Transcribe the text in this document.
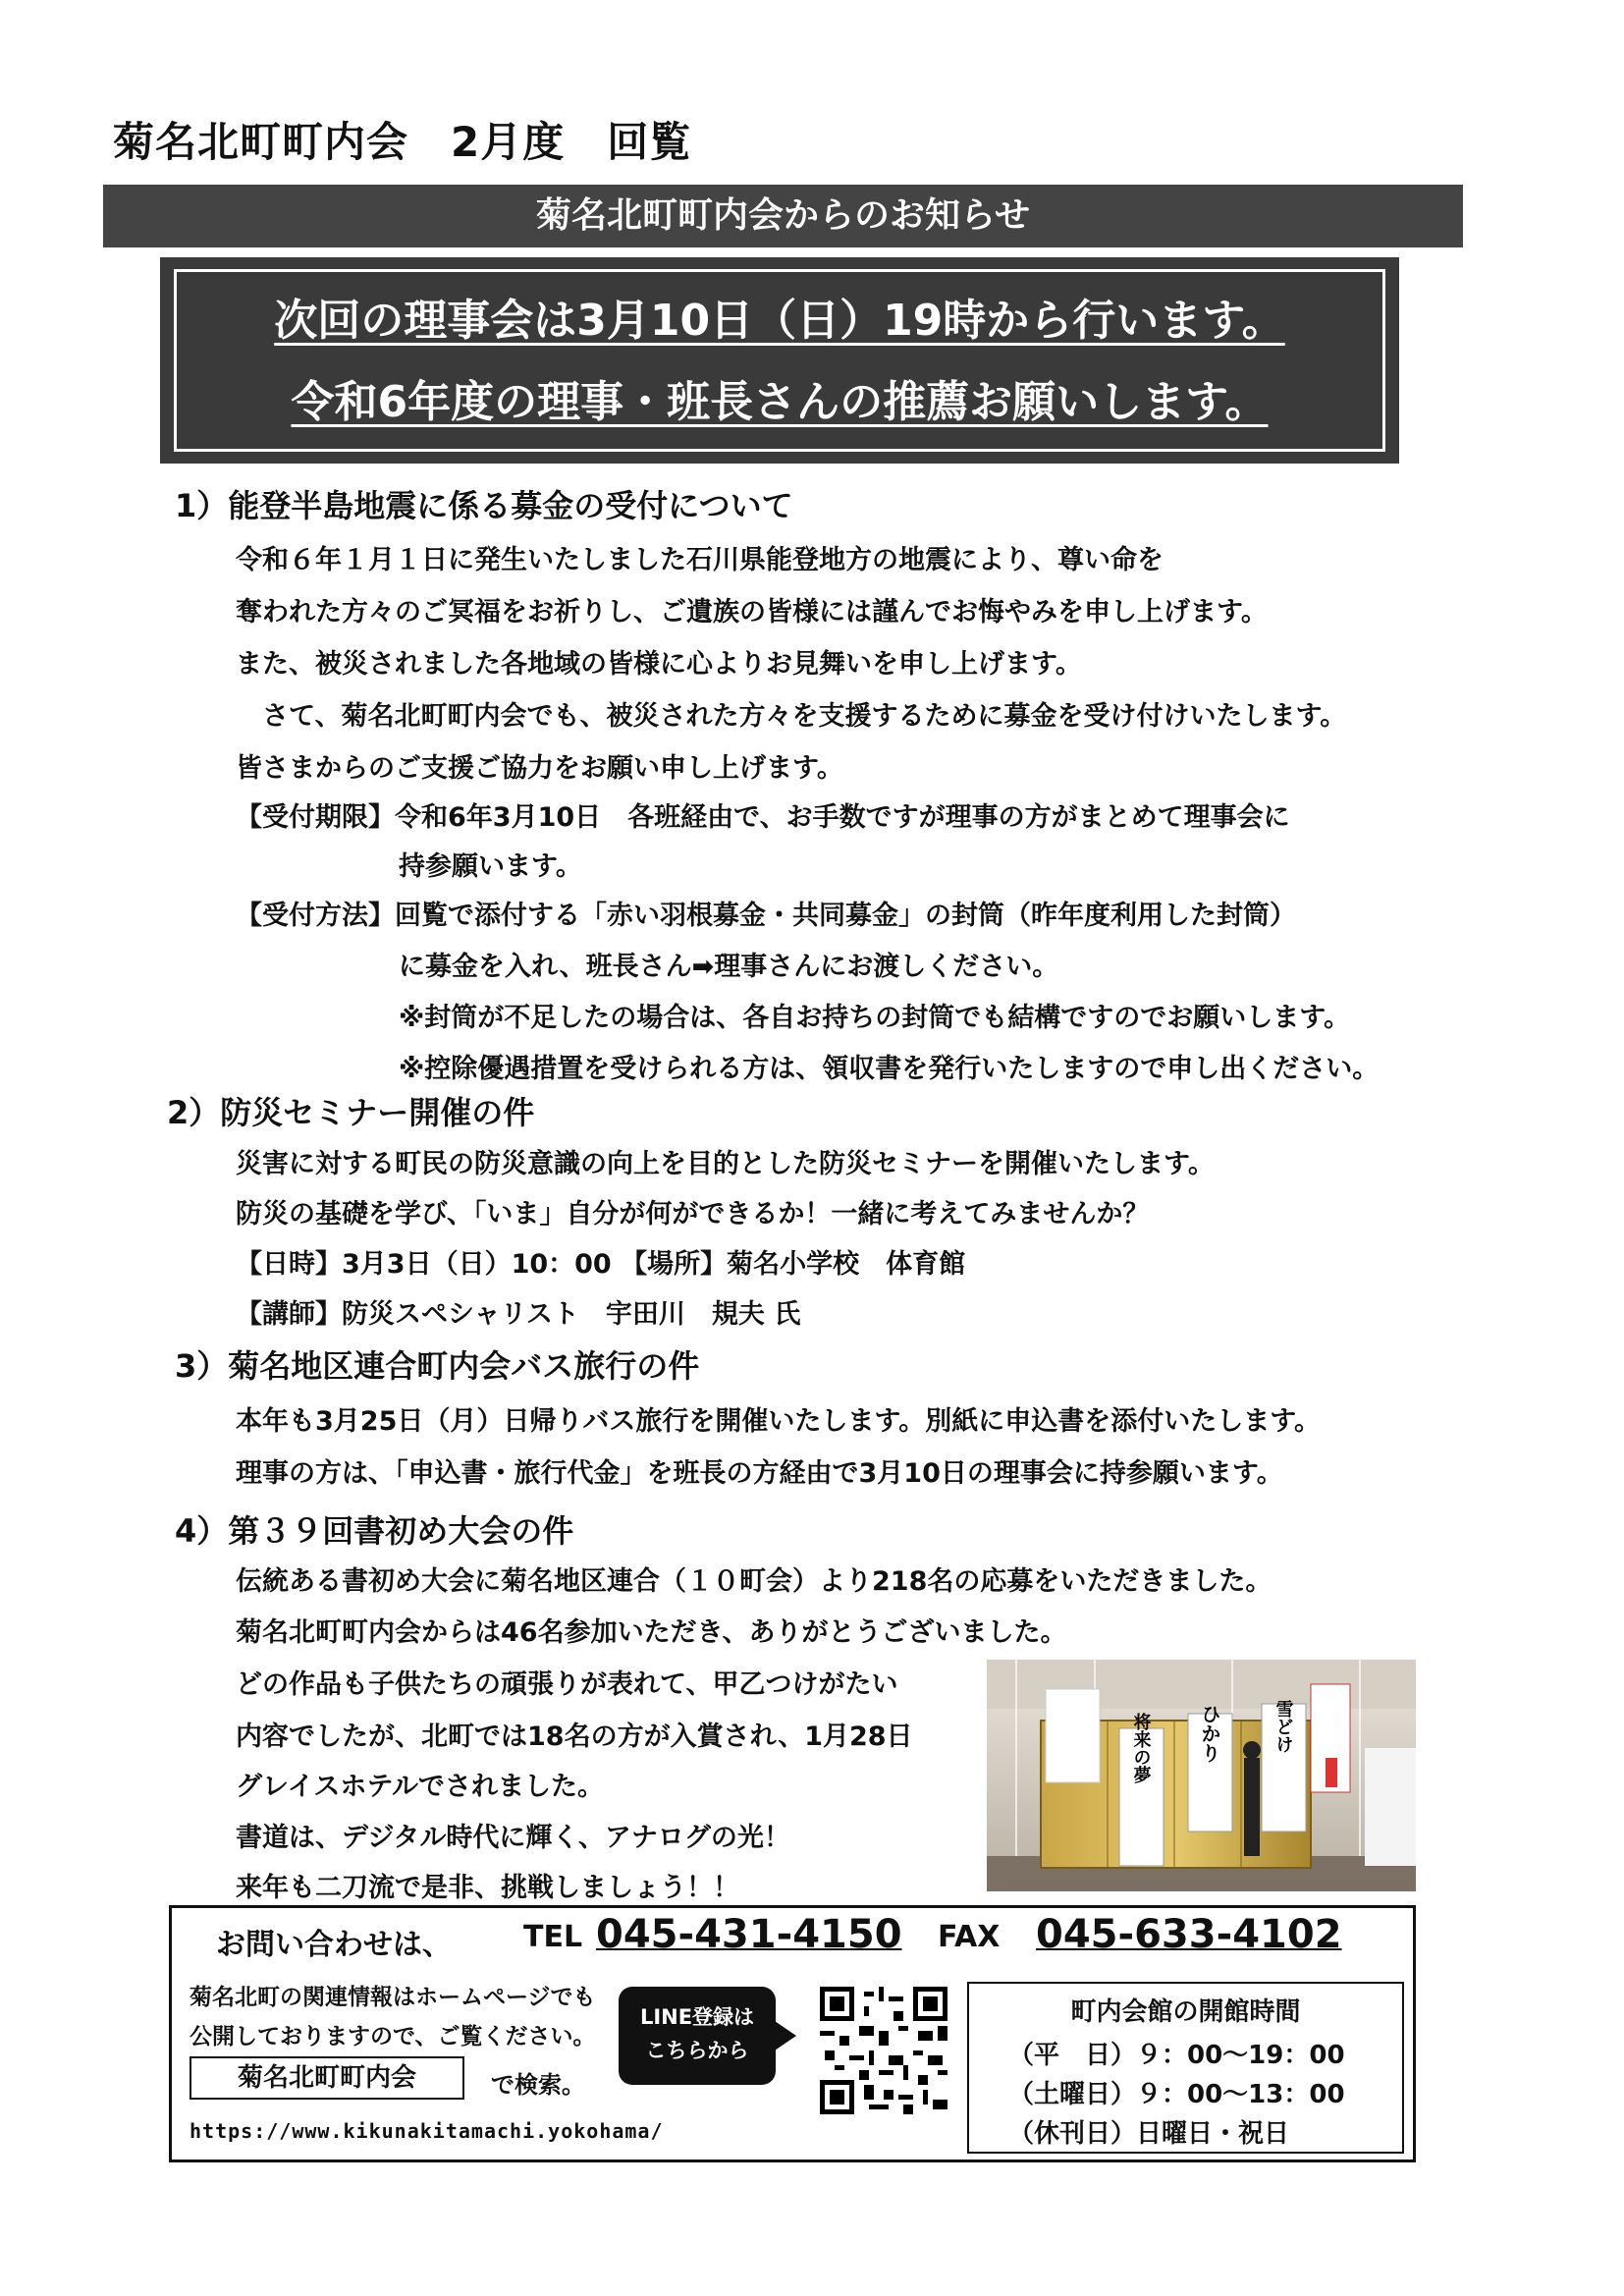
菊名北町町内会　2月度　回覧
菊名北町町内会からのお知らせ
次回の理事会は3月10日（日）19時から行います。
令和6年度の理事・班長さんの推薦お願いします。
1）能登半島地震に係る募金の受付について
令和６年１月１日に発生いたしました石川県能登地方の地震により、尊い命を
奪われた方々のご冥福をお祈りし、ご遺族の皆様には謹んでお悔やみを申し上げます。
また、被災されました各地域の皆様に心よりお見舞いを申し上げます。
　さて、菊名北町町内会でも、被災された方々を支援するために募金を受け付けいたします。
皆さまからのご支援ご協力をお願い申し上げます。
【受付期限】令和6年3月10日　各班経由で、お手数ですが理事の方がまとめて理事会に
持参願います。
【受付方法】回覧で添付する「赤い羽根募金・共同募金」の封筒（昨年度利用した封筒）
に募金を入れ、班長さん➡理事さんにお渡しください。
※封筒が不足したの場合は、各自お持ちの封筒でも結構ですのでお願いします。
※控除優遇措置を受けられる方は、領収書を発行いたしますので申し出ください。
2）防災セミナー開催の件
災害に対する町民の防災意識の向上を目的とした防災セミナーを開催いたします。
防災の基礎を学び、「いま」自分が何ができるか！一緒に考えてみませんか？
【日時】3月3日（日）10：00 【場所】菊名小学校　体育館
【講師】防災スペシャリスト　宇田川　規夫 氏
3）菊名地区連合町内会バス旅行の件
本年も3月25日（月）日帰りバス旅行を開催いたします。別紙に申込書を添付いたします。
理事の方は、「申込書・旅行代金」を班長の方経由で3月10日の理事会に持参願います。
4）第３９回書初め大会の件
伝統ある書初め大会に菊名地区連合（１０町会）より218名の応募をいただきました。
菊名北町町内会からは46名参加いただき、ありがとうございました。
どの作品も子供たちの頑張りが表れて、甲乙つけがたい
内容でしたが、北町では18名の方が入賞され、1月28日
グレイスホテルでされました。
書道は、デジタル時代に輝く、アナログの光！
来年も二刀流で是非、挑戦しましょう！！
将来の夢 ひかり	雪どけ
お問い合わせは、 TEL 045-431-4150 FAX 045-633-4102
菊名北町の関連情報はホームページでも
公開しておりますので、ご覧ください。
菊名北町町内会	で検索。
LINE登録は
こちらから
https://www.kikunakitamachi.yokohama/
町内会館の開館時間
（平　日）９：00～19：00
（土曜日）９：00～13：00
（休刊日）日曜日・祝日
